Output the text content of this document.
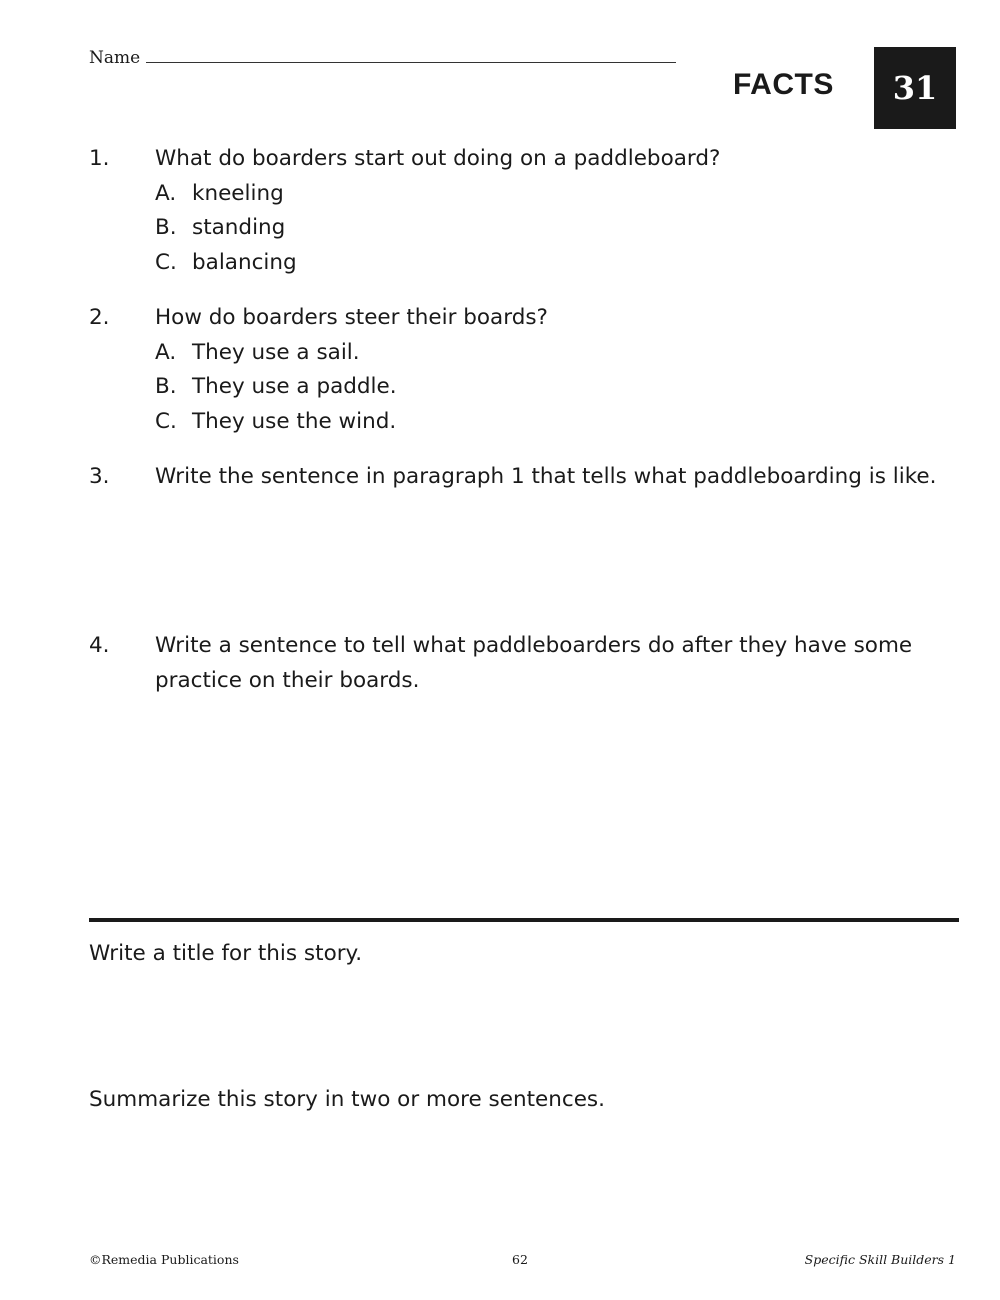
Name
FACTS 31
1. What do boarders start out doing on a paddleboard?
A. kneeling
B. standing
C. balancing
2. How do boarders steer their boards?
A. They use a sail.
B. They use a paddle.
C. They use the wind.
3. Write the sentence in paragraph 1 that tells what paddleboarding is like.
4. Write a sentence to tell what paddleboarders do after they have some practice on their boards.
Write a title for this story.
Summarize this story in two or more sentences.
©Remedia Publications	62	Specific Skill Builders 1
